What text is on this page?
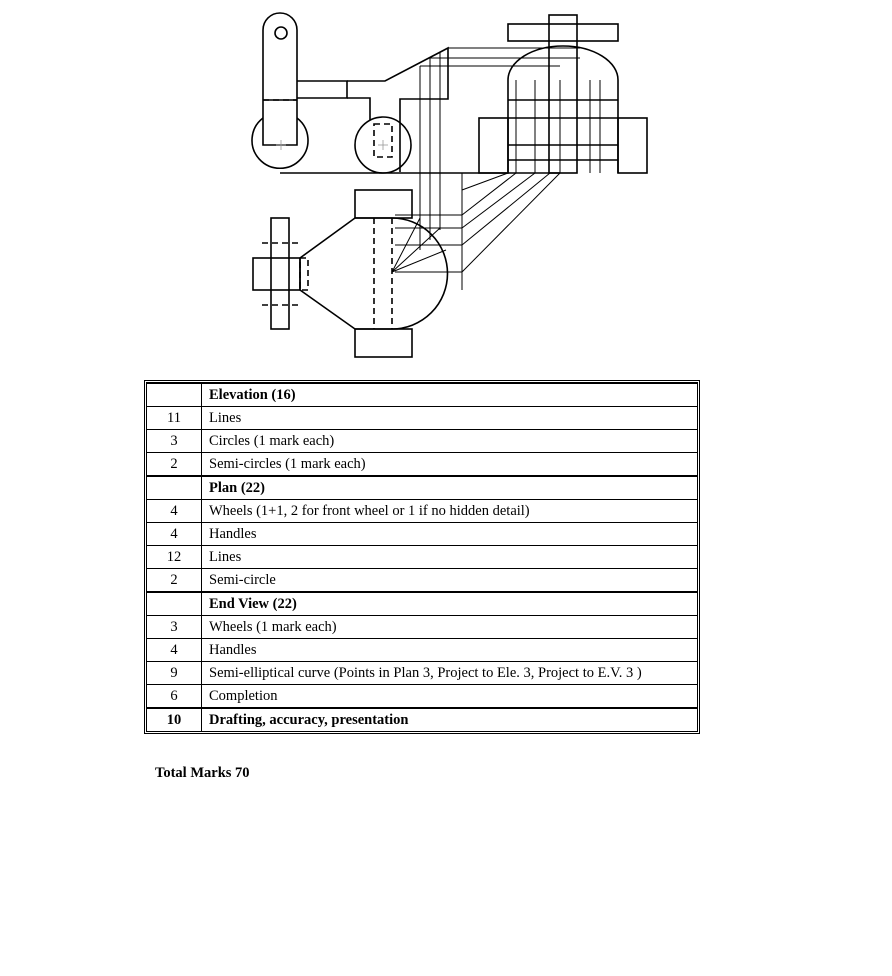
	Elevation (16)
11	Lines
3	Circles (1 mark each)
2	Semi-circles (1 mark each)
	Plan (22)
4	Wheels (1+1, 2 for front wheel or 1 if no hidden detail)
4	Handles
12	Lines
2	Semi-circle
	End View (22)
3	Wheels (1 mark each)
4	Handles
9	Semi-elliptical curve (Points in Plan 3, Project to Ele. 3, Project to E.V. 3 )
6	Completion
10	Drafting, accuracy, presentation
Total Marks 70
